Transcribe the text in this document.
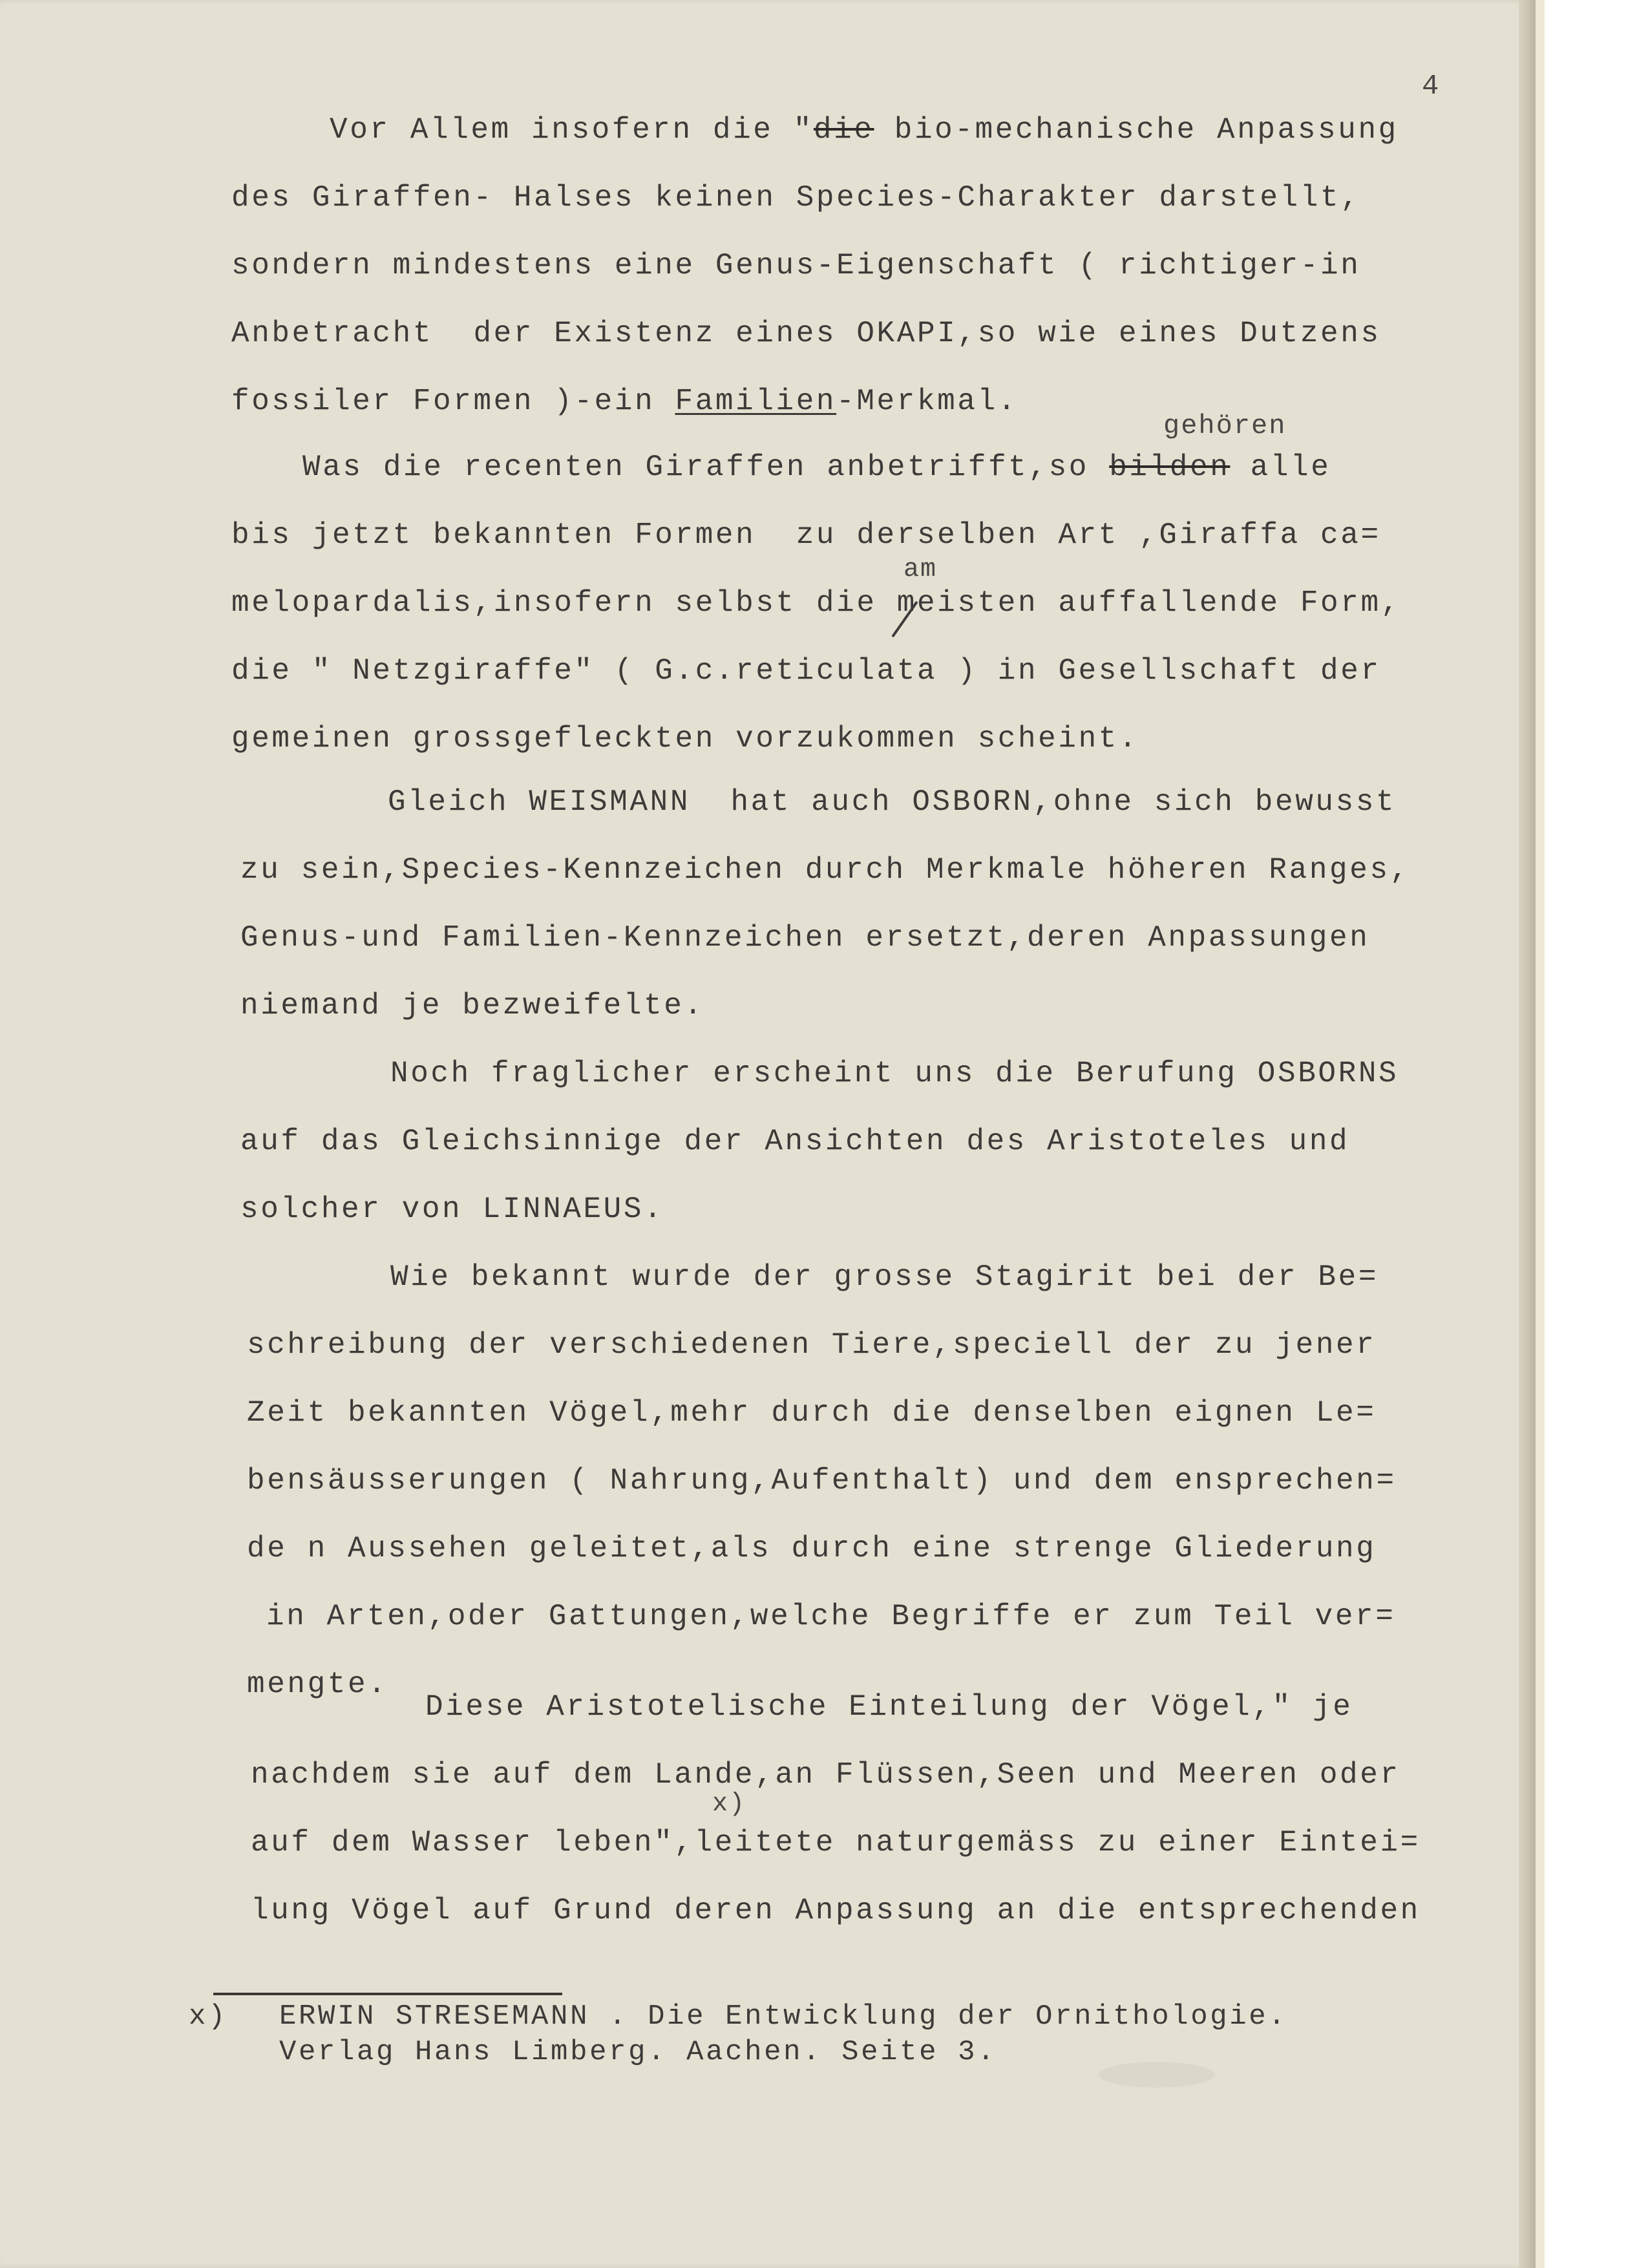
4
Vor Allem insofern die "die bio-mechanische Anpassung
des Giraffen- Halses keinen Species-Charakter darstellt,
sondern mindestens eine Genus-Eigenschaft ( richtiger-in
Anbetracht  der Existenz eines OKAPI,so wie eines Dutzens
fossiler Formen )-ein Familien-Merkmal.
gehören
Was die recenten Giraffen anbetrifft,so bilden alle
bis jetzt bekannten Formen  zu derselben Art ,Giraffa ca=
am
melopardalis,insofern selbst die meisten auffallende Form,
die " Netzgiraffe" ( G.c.reticulata ) in Gesellschaft der
gemeinen grossgefleckten vorzukommen scheint.
Gleich WEISMANN  hat auch OSBORN,ohne sich bewusst
zu sein,Species-Kennzeichen durch Merkmale höheren Ranges,
Genus-und Familien-Kennzeichen ersetzt,deren Anpassungen
niemand je bezweifelte.
Noch fraglicher erscheint uns die Berufung OSBORNS
auf das Gleichsinnige der Ansichten des Aristoteles und
solcher von LINNAEUS.
Wie bekannt wurde der grosse Stagirit bei der Be=
schreibung der verschiedenen Tiere,speciell der zu jener
Zeit bekannten Vögel,mehr durch die denselben eignen Le=
bensäusserungen ( Nahrung,Aufenthalt) und dem ensprechen=
de n Aussehen geleitet,als durch eine strenge Gliederung
in Arten,oder Gattungen,welche Begriffe er zum Teil ver=
mengte.
Diese Aristotelische Einteilung der Vögel," je
nachdem sie auf dem Lande,an Flüssen,Seen und Meeren oder
x)
auf dem Wasser leben",leitete naturgemäss zu einer Eintei=
lung Vögel auf Grund deren Anpassung an die entsprechenden
x) ERWIN STRESEMANN . Die Entwicklung der Ornithologie.
Verlag Hans Limberg. Aachen. Seite 3.
